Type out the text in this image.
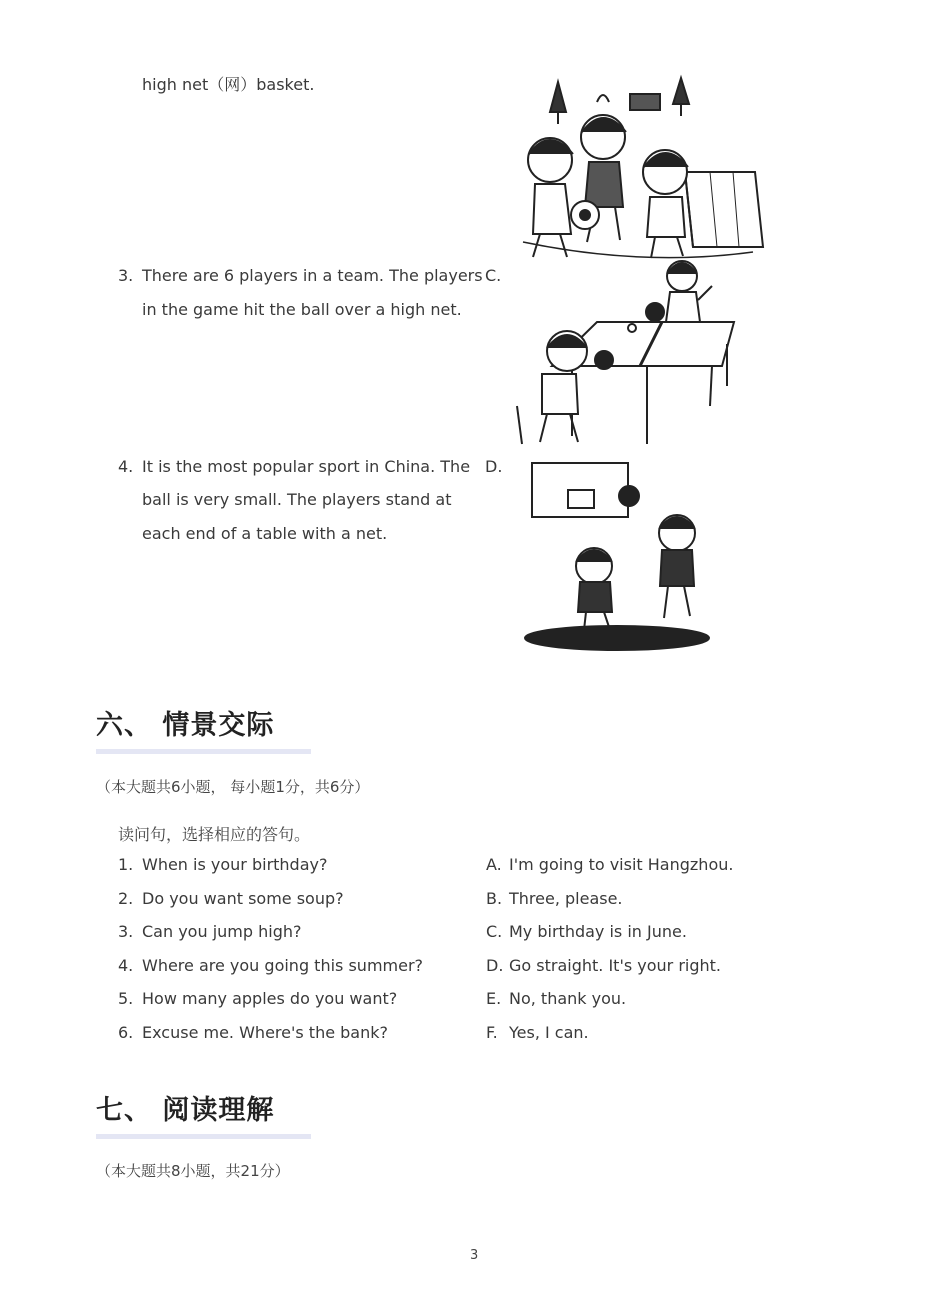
high net（网）basket.
3. There are 6 players in a team. The players
in the game hit the ball over a high net.
C.
4. It is the most popular sport in China. The
ball is very small. The players stand at
each end of a table with a net.
D.
六、 情景交际
（本大题共6小题， 每小题1分，共6分）
读问句，选择相应的答句。
1. When is your birthday?
2. Do you want some soup?
3. Can you jump high?
4. Where are you going this summer?
5. How many apples do you want?
6. Excuse me. Where's the bank?
A. I'm going to visit Hangzhou.
B. Three, please.
C. My birthday is in June.
D. Go straight. It's your right.
E. No, thank you.
F. Yes, I can.
七、 阅读理解
（本大题共8小题，共21分）
3
